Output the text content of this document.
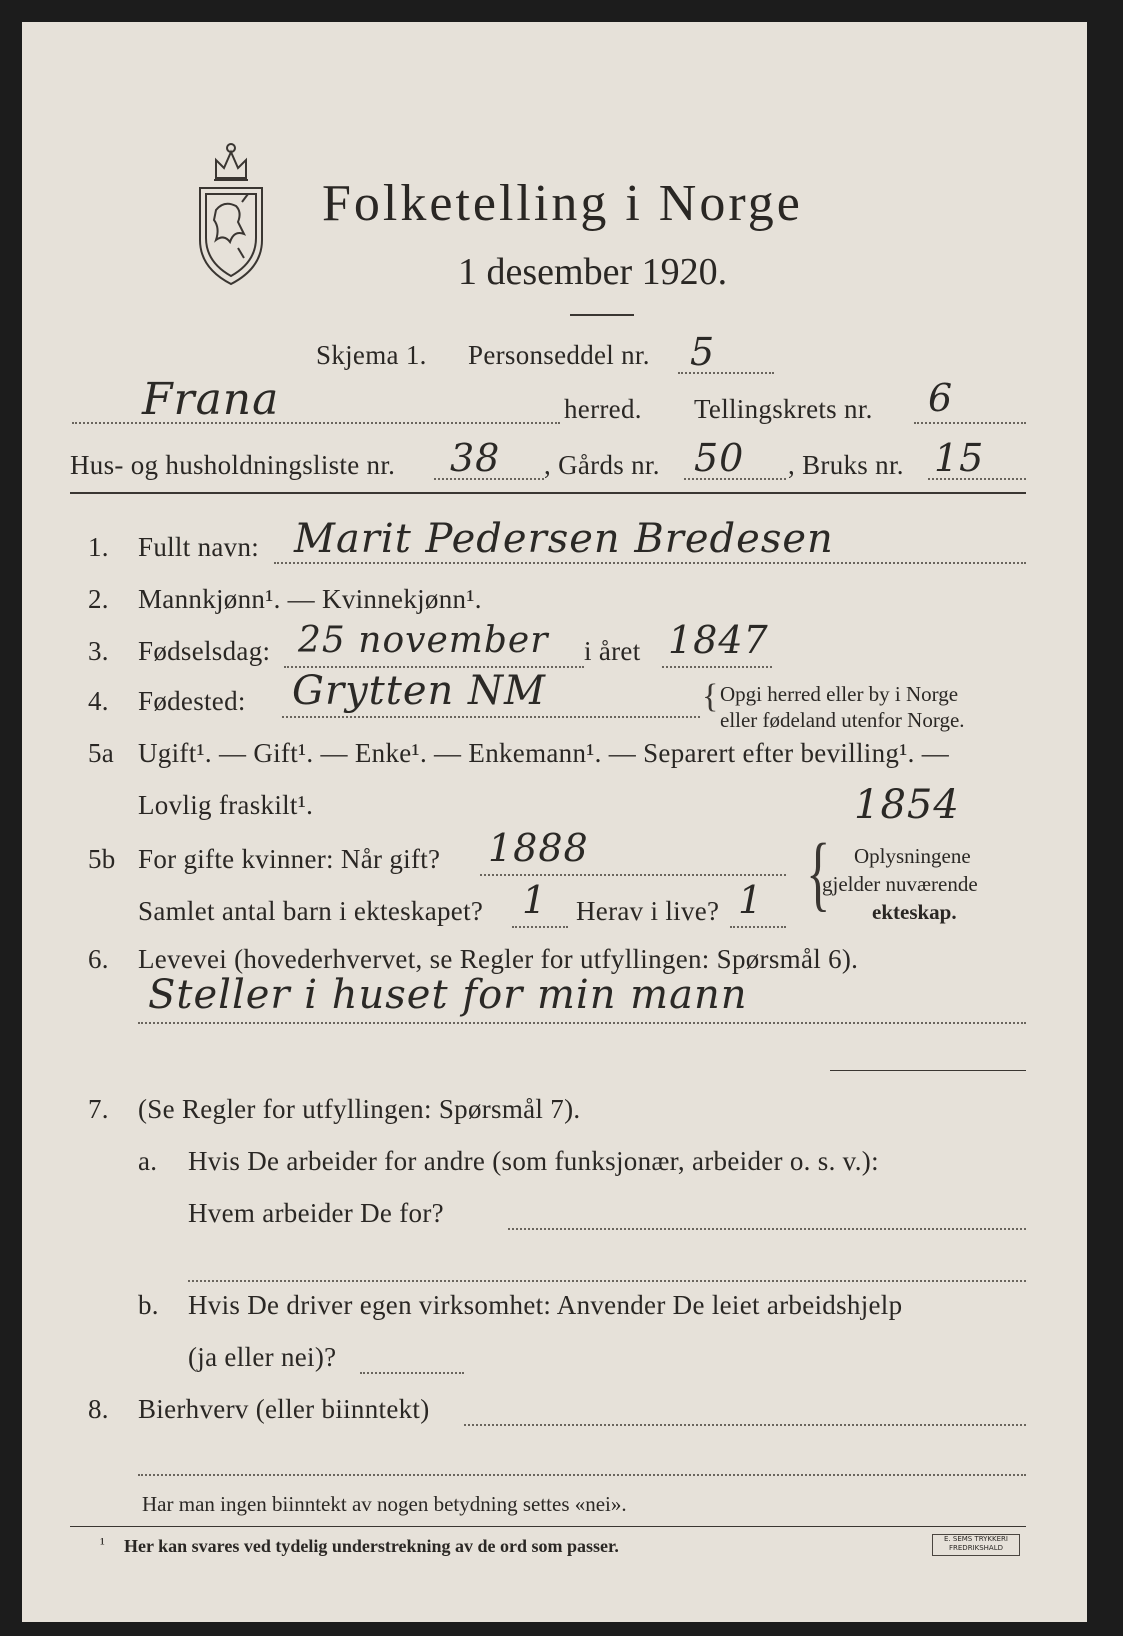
Folketelling i Norge
1 desember 1920.
Skjema 1. Personseddel nr. 5
Frana	herred. Tellingskrets nr. 6
Hus- og husholdningsliste nr. 38 , Gårds nr. 50 , Bruks nr. 15
1. Fullt navn: Marit Pedersen Bredesen
2. Mannkjønn¹. — Kvinnekjønn¹.
3. Fødselsdag: 25 november i året 1847
4. Fødested: Grytten NM	{ Opgi herred eller by i Norge
eller fødeland utenfor Norge.
5a Ugift¹. — Gift¹. — Enke¹. — Enkemann¹. — Separert efter bevilling¹. —
Lovlig fraskilt¹.	1854
5b For gifte kvinner: Når gift? 1888
Samlet antal barn i ekteskapet? 1 Herav i live? 1 { Oplysningene
gjelder nuværende
ekteskap.
6. Levevei (hovederhvervet, se Regler for utfyllingen: Spørsmål 6).
Steller i huset for min mann
7. (Se Regler for utfyllingen: Spørsmål 7).
a. Hvis De arbeider for andre (som funksjonær, arbeider o. s. v.):
Hvem arbeider De for?
b. Hvis De driver egen virksomhet: Anvender De leiet arbeidshjelp
(ja eller nei)?
8. Bierhverv (eller biinntekt)
Har man ingen biinntekt av nogen betydning settes «nei».
¹ Her kan svares ved tydelig understrekning av de ord som passer.	E. SEMS TRYKKERI FREDRIKSHALD
